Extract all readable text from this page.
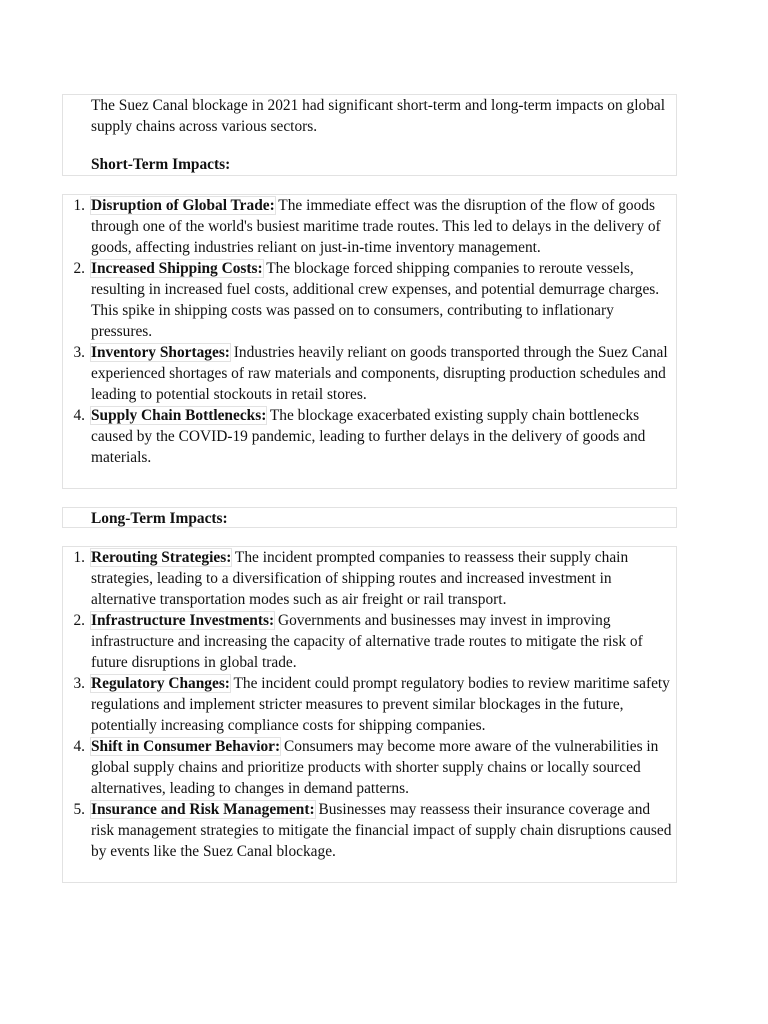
The Suez Canal blockage in 2021 had significant short-term and long-term impacts on global supply chains across various sectors.

Short-Term Impacts:

1. Disruption of Global Trade: The immediate effect was the disruption of the flow of goods through one of the world's busiest maritime trade routes. This led to delays in the delivery of goods, affecting industries reliant on just-in-time inventory management.
2. Increased Shipping Costs: The blockage forced shipping companies to reroute vessels, resulting in increased fuel costs, additional crew expenses, and potential demurrage charges. This spike in shipping costs was passed on to consumers, contributing to inflationary pressures.
3. Inventory Shortages: Industries heavily reliant on goods transported through the Suez Canal experienced shortages of raw materials and components, disrupting production schedules and leading to potential stockouts in retail stores.
4. Supply Chain Bottlenecks: The blockage exacerbated existing supply chain bottlenecks caused by the COVID-19 pandemic, leading to further delays in the delivery of goods and materials.
Long-Term Impacts:
1. Rerouting Strategies: The incident prompted companies to reassess their supply chain strategies, leading to a diversification of shipping routes and increased investment in alternative transportation modes such as air freight or rail transport.
2. Infrastructure Investments: Governments and businesses may invest in improving infrastructure and increasing the capacity of alternative trade routes to mitigate the risk of future disruptions in global trade.
3. Regulatory Changes: The incident could prompt regulatory bodies to review maritime safety regulations and implement stricter measures to prevent similar blockages in the future, potentially increasing compliance costs for shipping companies.
4. Shift in Consumer Behavior: Consumers may become more aware of the vulnerabilities in global supply chains and prioritize products with shorter supply chains or locally sourced alternatives, leading to changes in demand patterns.
5. Insurance and Risk Management: Businesses may reassess their insurance coverage and risk management strategies to mitigate the financial impact of supply chain disruptions caused by events like the Suez Canal blockage.
